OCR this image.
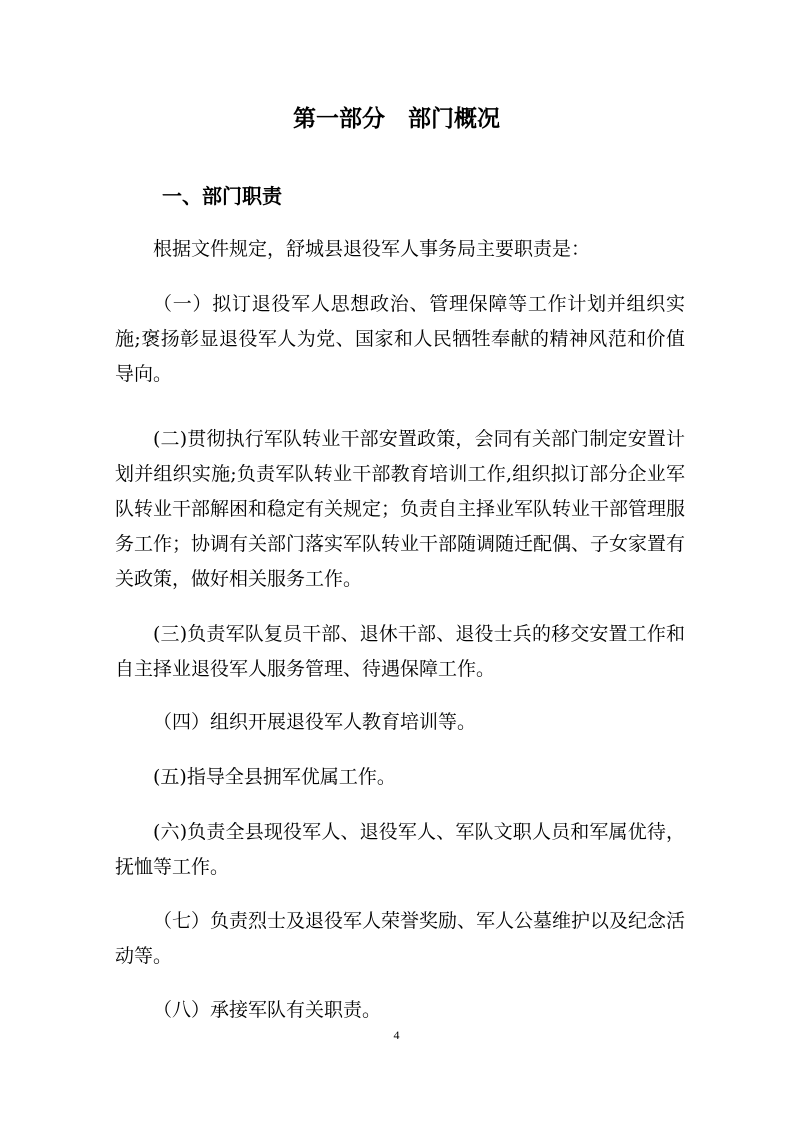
第一部分　部门概况
一、部门职责
根据文件规定，舒城县退役军人事务局主要职责是：
（一）拟订退役军人思想政治、管理保障等工作计划并组织实施;褒扬彰显退役军人为党、国家和人民牺牲奉献的精神风范和价值导向。
(二)贯彻执行军队转业干部安置政策，会同有关部门制定安置计划并组织实施;负责军队转业干部教育培训工作,组织拟订部分企业军队转业干部解困和稳定有关规定；负责自主择业军队转业干部管理服务工作；协调有关部门落实军队转业干部随调随迁配偶、子女家置有关政策，做好相关服务工作。
(三)负责军队复员干部、退休干部、退役士兵的移交安置工作和自主择业退役军人服务管理、待遇保障工作。
（四）组织开展退役军人教育培训等。
(五)指导全县拥军优属工作。
(六)负责全县现役军人、退役军人、军队文职人员和军属优待，抚恤等工作。
（七）负责烈士及退役军人荣誉奖励、军人公墓维护以及纪念活动等。
（八）承接军队有关职责。
4
